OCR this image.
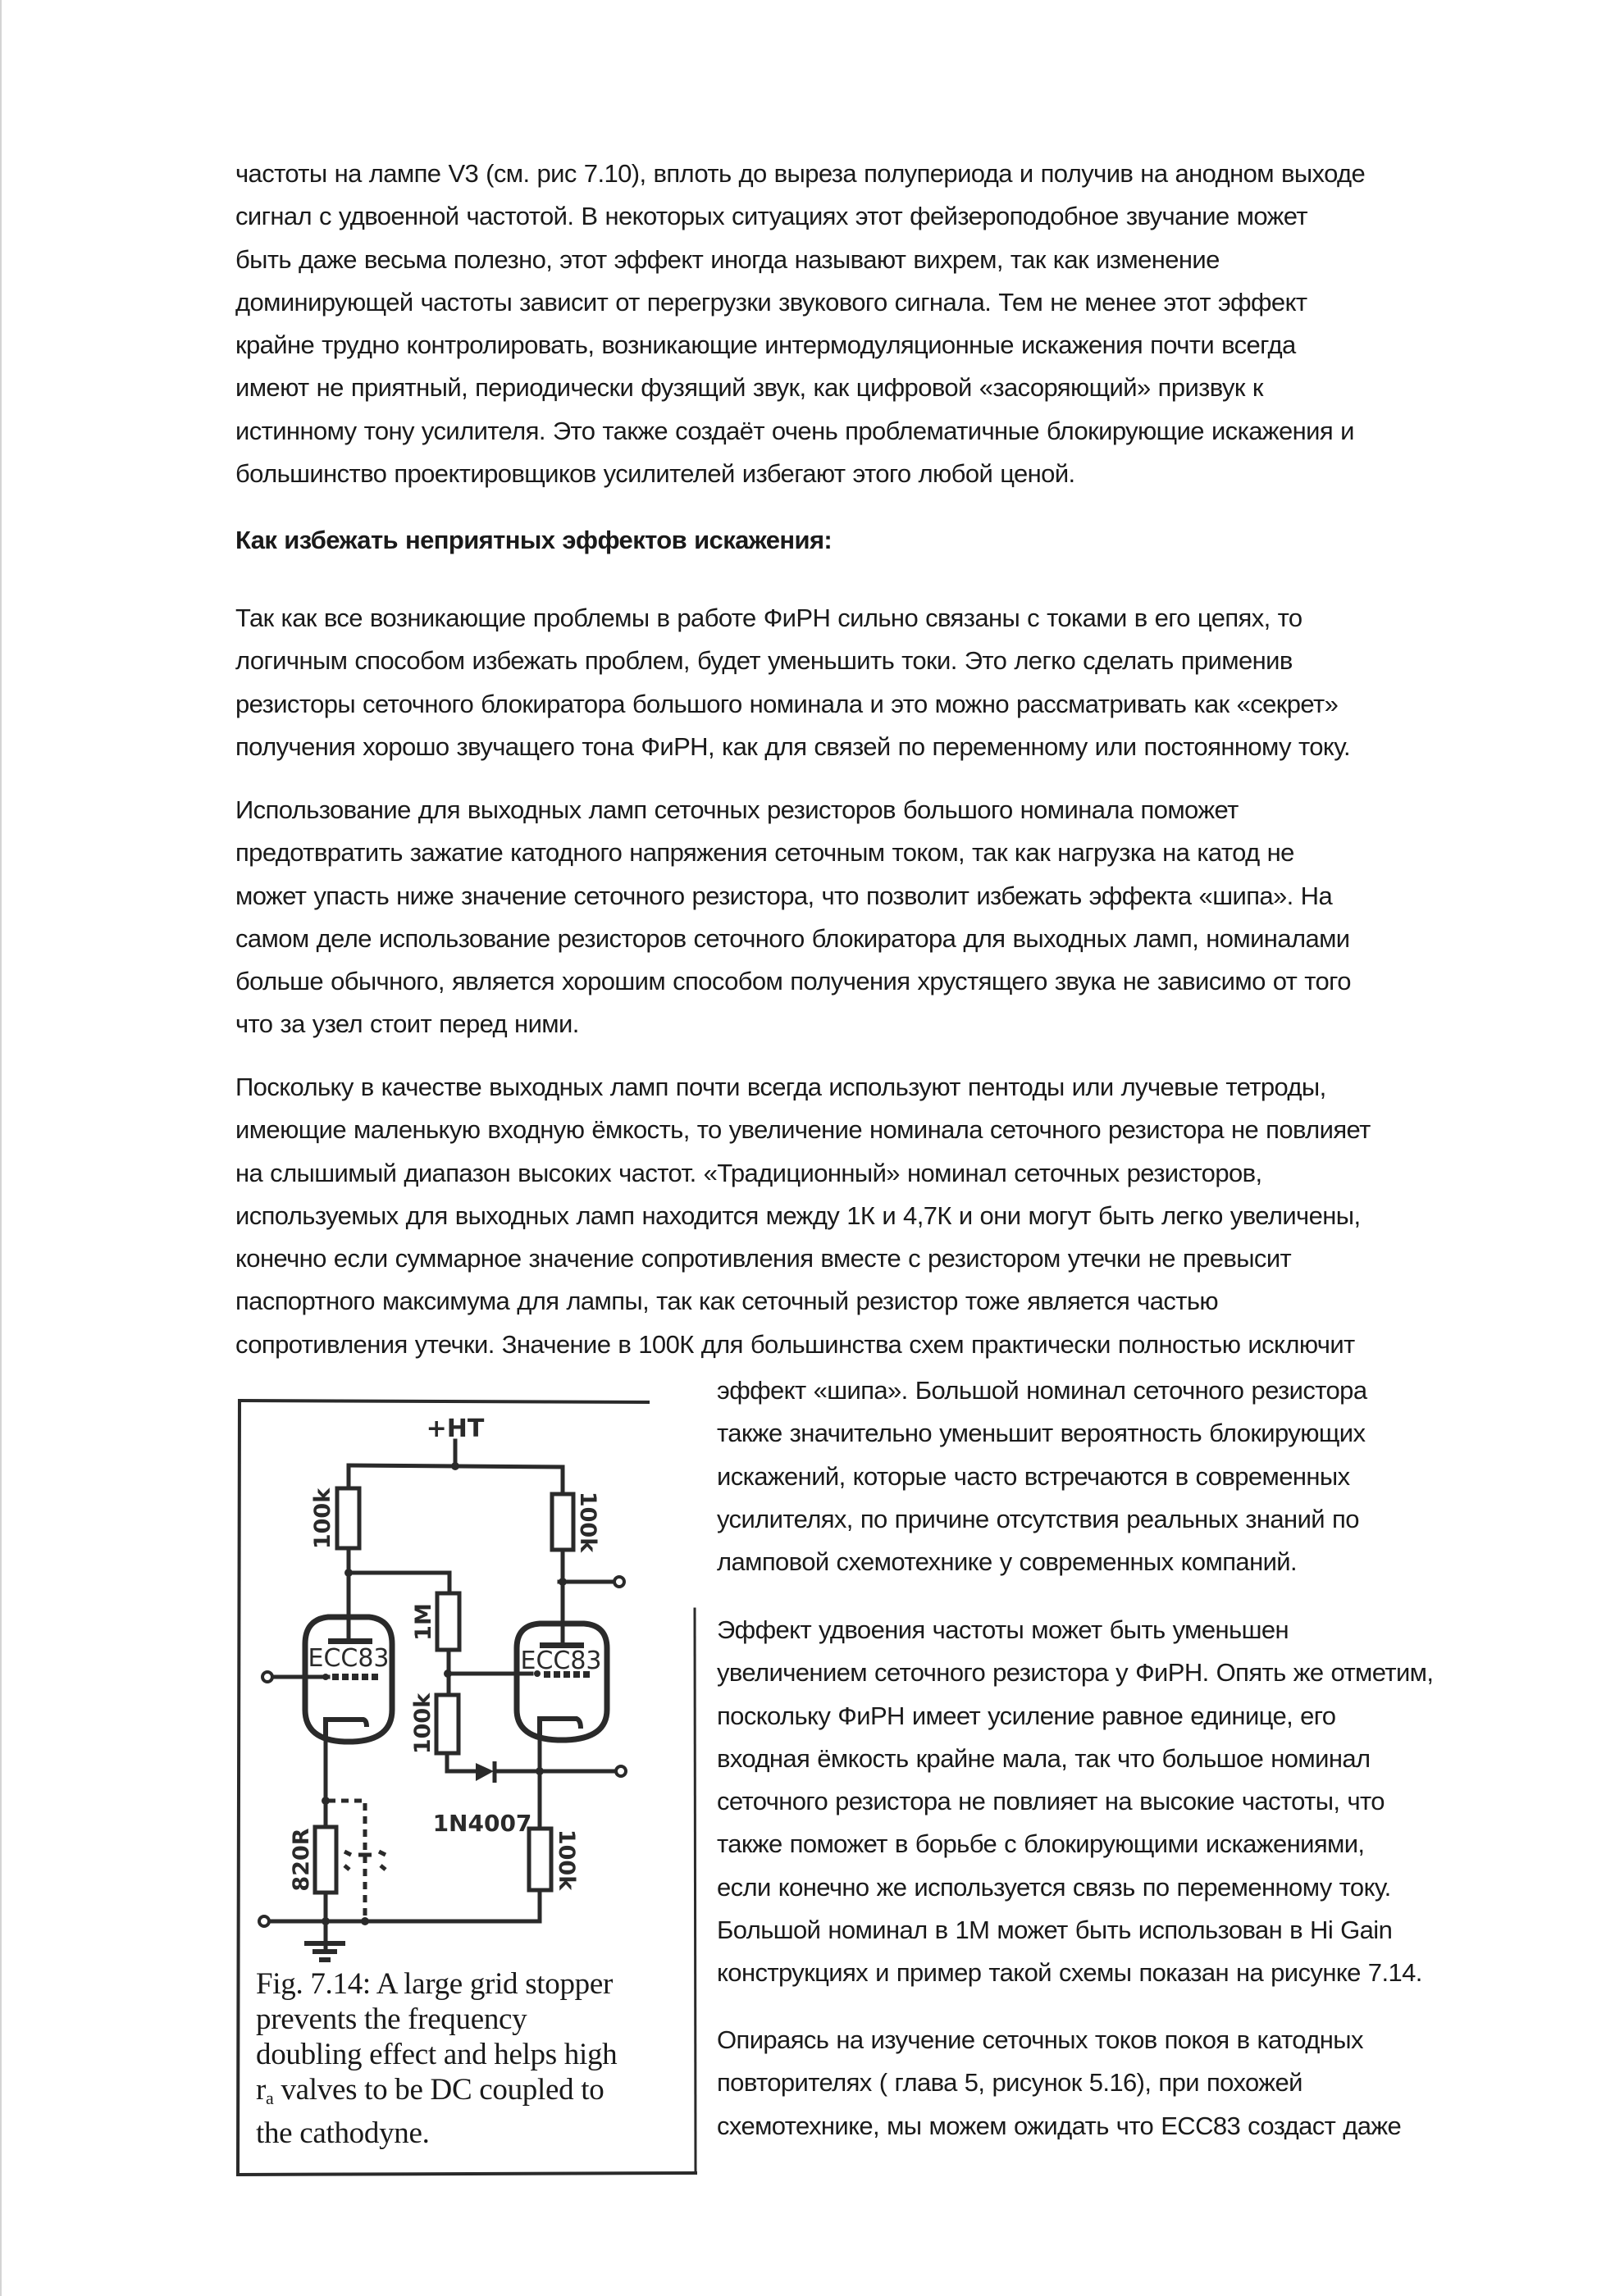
частоты на лампе V3 (см. рис 7.10), вплоть до выреза полупериода и получив на анодном выходе
сигнал с удвоенной частотой. В некоторых ситуациях этот фейзероподобное звучание может
быть даже весьма полезно, этот эффект иногда называют вихрем, так как изменение
доминирующей частоты зависит от перегрузки звукового сигнала. Тем не менее этот эффект
крайне трудно контролировать, возникающие интермодуляционные искажения почти всегда
имеют не приятный, периодически фузящий звук, как цифровой «засоряющий» призвук к
истинному тону усилителя. Это также создаёт очень проблематичные блокирующие искажения и
большинство проектировщиков усилителей избегают этого любой ценой.
Как избежать неприятных эффектов искажения:
Так как все возникающие проблемы в работе ФиРН сильно связаны с токами в его цепях, то
логичным способом избежать проблем, будет уменьшить токи. Это легко сделать применив
резисторы сеточного блокиратора большого номинала и это можно рассматривать как «секрет»
получения хорошо звучащего тона ФиРН, как для связей по переменному или постоянному току.
Использование для выходных ламп сеточных резисторов большого номинала поможет
предотвратить зажатие катодного напряжения сеточным током, так как нагрузка на катод не
может упасть ниже значение сеточного резистора, что позволит избежать эффекта «шипа». На
самом деле использование резисторов сеточного блокиратора для выходных ламп, номиналами
больше обычного, является хорошим способом получения хрустящего звука не зависимо от того
что за узел стоит перед ними.
Поскольку в качестве выходных ламп почти всегда используют пентоды или лучевые тетроды,
имеющие маленькую входную ёмкость, то увеличение номинала сеточного резистора не повлияет
на слышимый диапазон высоких частот. «Традиционный» номинал сеточных резисторов,
используемых для выходных ламп находится между 1К и 4,7К и они могут быть легко увеличены,
конечно если суммарное значение сопротивления вместе с резистором утечки не превысит
паспортного максимума для лампы, так как сеточный резистор тоже является частью
сопротивления утечки. Значение в 100К для большинства схем практически полностью исключит
эффект «шипа». Большой номинал сеточного резистора
также значительно уменьшит вероятность блокирующих
искажений, которые часто встречаются в современных
усилителях, по причине отсутствия реальных знаний по
ламповой схемотехнике у современных компаний.
Эффект удвоения частоты может быть уменьшен
увеличением сеточного резистора у ФиРН. Опять же отметим,
поскольку ФиРН имеет усиление равное единице, его
входная ёмкость крайне мала, так что большое номинал
сеточного резистора не повлияет на высокие частоты, что
также поможет в борьбе с блокирующими искажениями,
если конечно же используется связь по переменному току.
Большой номинал в 1М может быть использован в Hi Gain
конструкциях и пример такой схемы показан на рисунке 7.14.
Опираясь на изучение сеточных токов покоя в катодных
повторителях ( глава 5, рисунок 5.16), при похожей
схемотехнике, мы можем ожидать что ECC83 создаст даже
+HT
100k	100k
1M
100k
820R	100k
1N4007
ECC83	ECC83
Fig. 7.14: A large grid stopper
prevents the frequency
doubling effect and helps high
$r_a$ valves to be DC coupled to
the cathodyne.
